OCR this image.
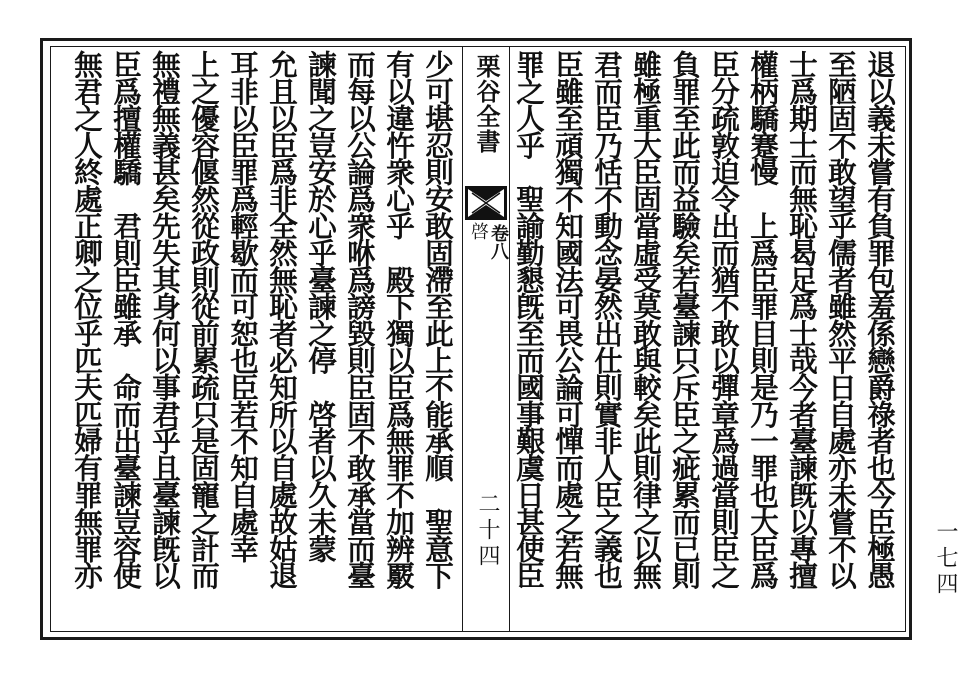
退以義未嘗有負罪包羞係戀爵祿者也今臣極愚
至陋固不敢望乎儒者雖然平日自處亦未嘗不以
士爲期士而無恥曷足爲士哉今者臺諫旣以專擅
權柄驕蹇慢　上爲臣罪目則是乃一罪也大臣爲
臣分疏敦迫令出而猶不敢以彈章爲過當則臣之
負罪至此而益驗矣若臺諫只斥臣之疵累而已則
雖極重大臣固當虛受莫敢與較矣此則律之以無
君而臣乃恬不動念晏然出仕則實非人臣之義也
臣雖至頑獨不知國法可畏公論可憚而處之若無
罪之人乎　聖諭勤懇旣至而國事艱虞日甚使臣
栗谷全書
卷八
啓
二十四
少可堪忍則安敢固滯至此上不能承順　聖意下
有以違忤衆心乎　殿下獨以臣爲無罪不加辨覈
而每以公論爲衆咻爲謗毀則臣固不敢承當而臺
諫聞之豈安於心乎臺諫之停　啓者以久未蒙
允且以臣爲非全然無恥者必知所以自處故姑退
耳非以臣罪爲輕歇而可恕也臣若不知自處幸
上之優容偃然從政則從前累疏只是固寵之計而
無禮無義甚矣先失其身何以事君乎且臺諫旣以
臣爲擅權驕　君則臣雖承　命而出臺諫豈容使
無君之人終處正卿之位乎匹夫匹婦有罪無罪亦	一七四
